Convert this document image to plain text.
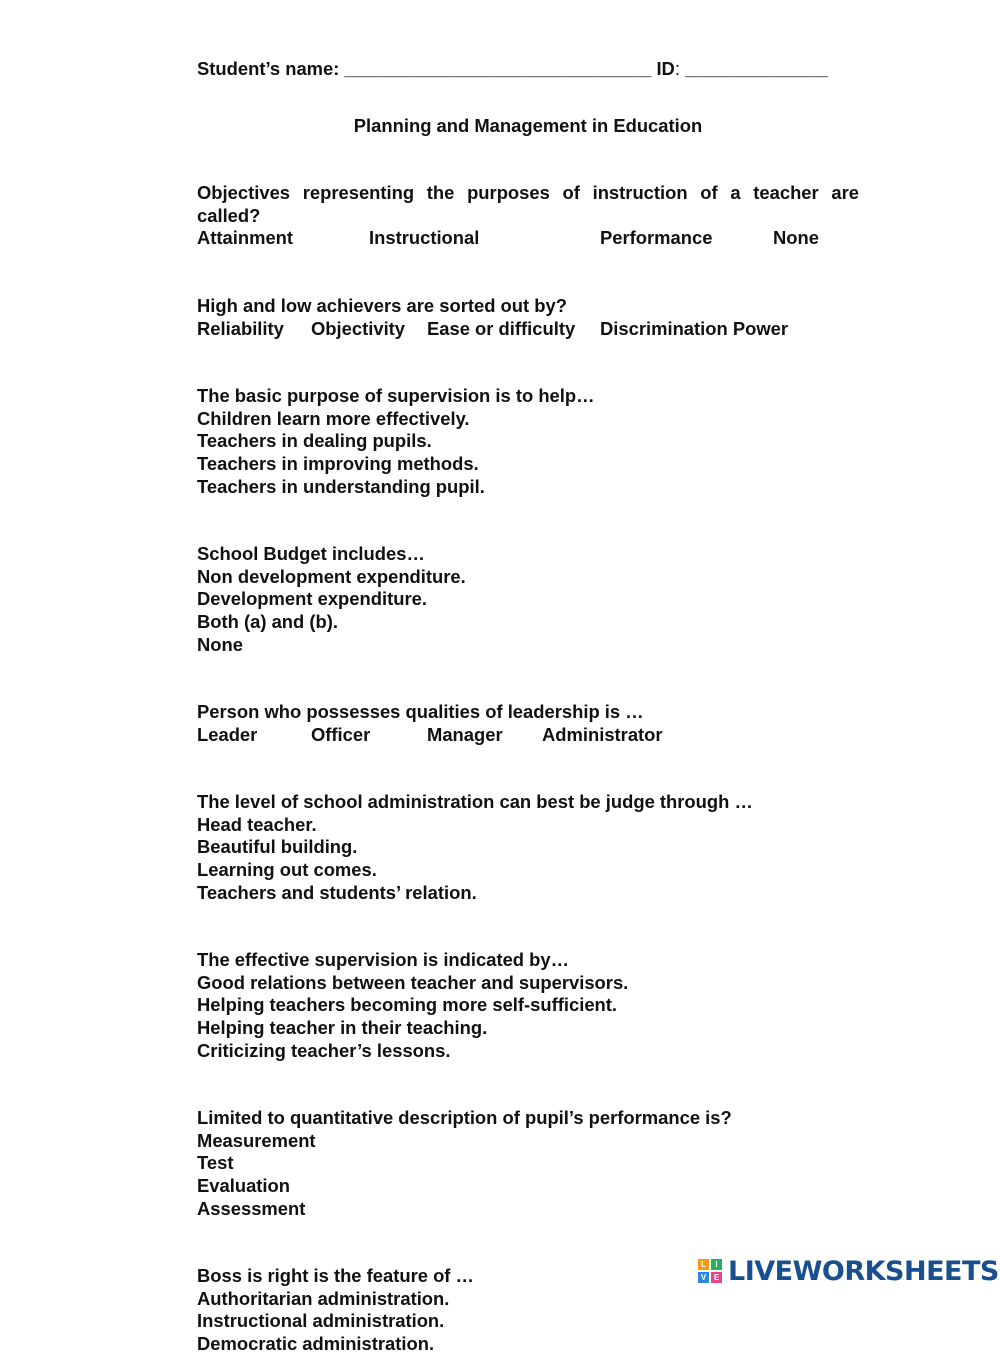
Student’s name: ______________________________ ID : ______________
Planning and Management in Education
Objectives representing the purposes of instruction of a teacher are called?
Attainment	Instructional	Performance	None
High and low achievers are sorted out by?
Reliability	Objectivity	Ease or difficulty	Discrimination Power
The basic purpose of supervision is to help…
Children learn more effectively.
Teachers in dealing pupils.
Teachers in improving methods.
Teachers in understanding pupil.
School Budget includes…
Non development expenditure.
Development expenditure.
Both (a) and (b).
None
Person who possesses qualities of leadership is …
Leader	Officer	Manager	Administrator
The level of school administration can best be judge through …
Head teacher.
Beautiful building.
Learning out comes.
Teachers and students’ relation.
The effective supervision is indicated by…
Good relations between teacher and supervisors.
Helping teachers becoming more self-sufficient.
Helping teacher in their teaching.
Criticizing teacher’s lessons.
Limited to quantitative description of pupil’s performance is?
Measurement
Test
Evaluation
Assessment
Boss is right is the feature of …
Authoritarian administration.
Instructional administration.
Democratic administration.
L	I
V E LIVEWORKSHEETS
